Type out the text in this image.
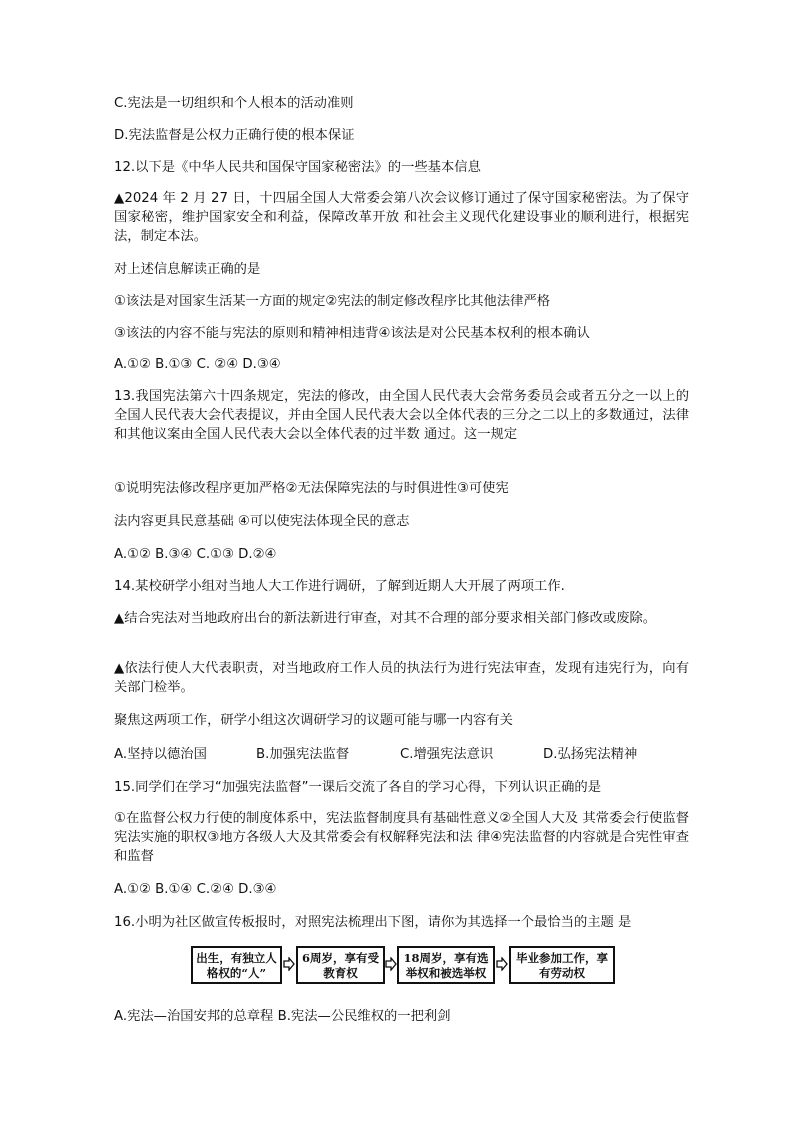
C.宪法是一切组织和个人根本的活动准则
D.宪法监督是公权力正确行使的根本保证
12.以下是《中华人民共和国保守国家秘密法》的一些基本信息
▲2024 年 2 月 27 日，十四届全国人大常委会第八次会议修订通过了保守国家秘密法。为了保守国家秘密，维护国家安全和利益，保障改革开放 和社会主义现代化建设事业的顺利进行，根据宪法，制定本法。
对上述信息解读正确的是
①该法是对国家生活某一方面的规定②宪法的制定修改程序比其他法律严格
③该法的内容不能与宪法的原则和精神相违背④该法是对公民基本权利的根本确认
A.①② B.①③ C. ②④ D.③④
13.我国宪法第六十四条规定，宪法的修改，由全国人民代表大会常务委员会或者五分之一以上的全国人民代表大会代表提议，并由全国人民代表大会以全体代表的三分之二以上的多数通过，法律和其他议案由全国人民代表大会以全体代表的过半数 通过。这一规定
①说明宪法修改程序更加严格②无法保障宪法的与时俱进性③可使宪
法内容更具民意基础 ④可以使宪法体现全民的意志
A.①② B.③④ C.①③ D.②④
14.某校研学小组对当地人大工作进行调研，了解到近期人大开展了两项工作.
▲结合宪法对当地政府出台的新法新进行审查，对其不合理的部分要求相关部门修改或废除。
▲依法行使人大代表职责，对当地政府工作人员的执法行为进行宪法审查，发现有违宪行为，向有关部门检举。
聚焦这两项工作，研学小组这次调研学习的议题可能与哪一内容有关
A.坚持以德治国	B.加强宪法监督	C.增强宪法意识	D.弘扬宪法精神
15.同学们在学习“加强宪法监督”一课后交流了各自的学习心得，下列认识正确的是
①在监督公权力行使的制度体系中，宪法监督制度具有基础性意义②全国人大及 其常委会行使监督宪法实施的职权③地方各级人大及其常委会有权解释宪法和法 律④宪法监督的内容就是合宪性审查和监督
A.①② B.①④ C.②④ D.③④
16.小明为社区做宣传板报时，对照宪法梳理出下图，请你为其选择一个最恰当的主题 是
出生，有独立人格权的“人”
6周岁，享有受教育权
18周岁，享有选举权和被选举权
毕业参加工作，享有劳动权
A.宪法—治国安邦的总章程 B.宪法—公民维权的一把利剑
